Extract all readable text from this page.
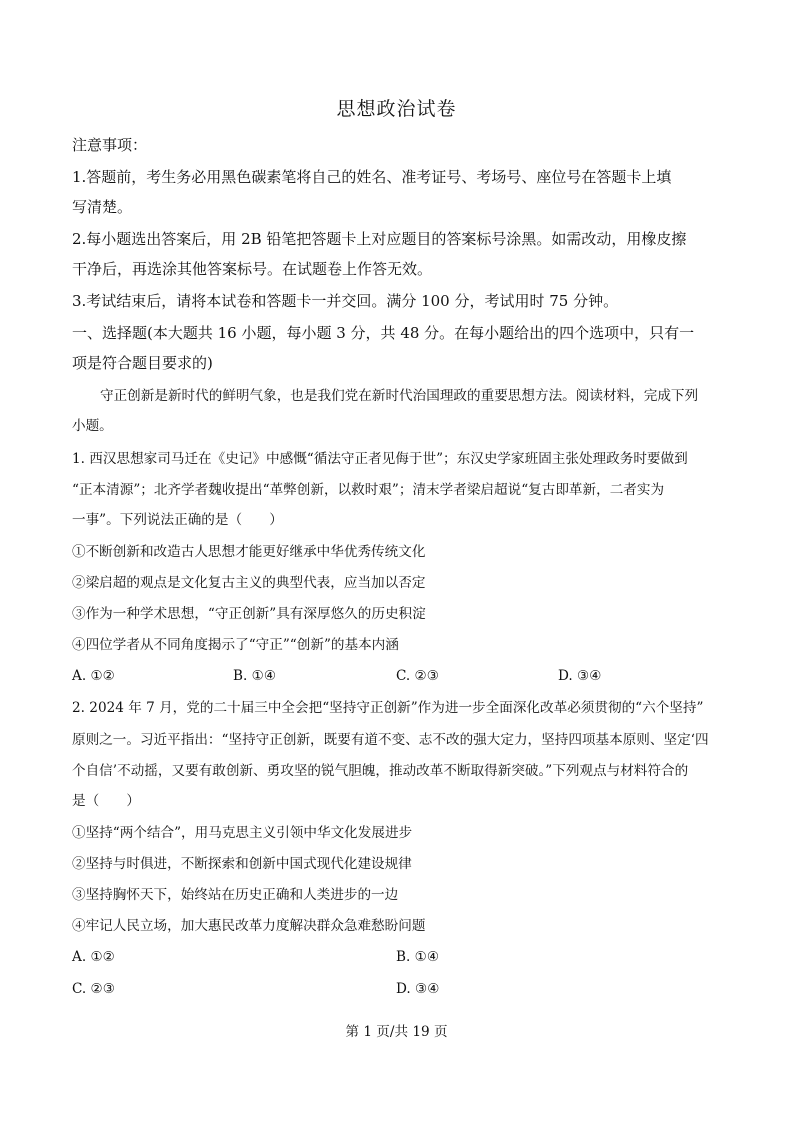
思想政治试卷
注意事项：
1.答题前，考生务必用黑色碳素笔将自己的姓名、准考证号、考场号、座位号在答题卡上填
写清楚。
2.每小题选出答案后，用 2B 铅笔把答题卡上对应题目的答案标号涂黑。如需改动，用橡皮擦
干净后，再选涂其他答案标号。在试题卷上作答无效。
3.考试结束后，请将本试卷和答题卡一并交回。满分 100 分，考试用时 75 分钟。
一、选择题(本大题共 16 小题，每小题 3 分，共 48 分。在每小题给出的四个选项中，只有一
项是符合题目要求的)
守正创新是新时代的鲜明气象，也是我们党在新时代治国理政的重要思想方法。阅读材料，完成下列
小题。
1. 西汉思想家司马迁在《史记》中感慨“循法守正者见侮于世”；东汉史学家班固主张处理政务时要做到
“正本清源”；北齐学者魏收提出“革弊创新，以救时艰”；清末学者梁启超说“复古即革新，二者实为
一事”。下列说法正确的是（　　）
①不断创新和改造古人思想才能更好继承中华优秀传统文化
②梁启超的观点是文化复古主义的典型代表，应当加以否定
③作为一种学术思想，“守正创新”具有深厚悠久的历史积淀
④四位学者从不同角度揭示了“守正”“创新”的基本内涵
A. ①②	B. ①④	C. ②③	D. ③④
2. 2024 年 7 月，党的二十届三中全会把“坚持守正创新”作为进一步全面深化改革必须贯彻的“六个坚持”
原则之一。习近平指出：“坚持守正创新，既要有道不变、志不改的强大定力，坚持四项基本原则、坚定‘四
个自信’不动摇，又要有敢创新、勇攻坚的锐气胆魄，推动改革不断取得新突破。”下列观点与材料符合的
是（　　）
①坚持“两个结合”，用马克思主义引领中华文化发展进步
②坚持与时俱进，不断探索和创新中国式现代化建设规律
③坚持胸怀天下，始终站在历史正确和人类进步的一边
④牢记人民立场，加大惠民改革力度解决群众急难愁盼问题
A. ①②	B. ①④
C. ②③	D. ③④
第 1 页/共 19 页
